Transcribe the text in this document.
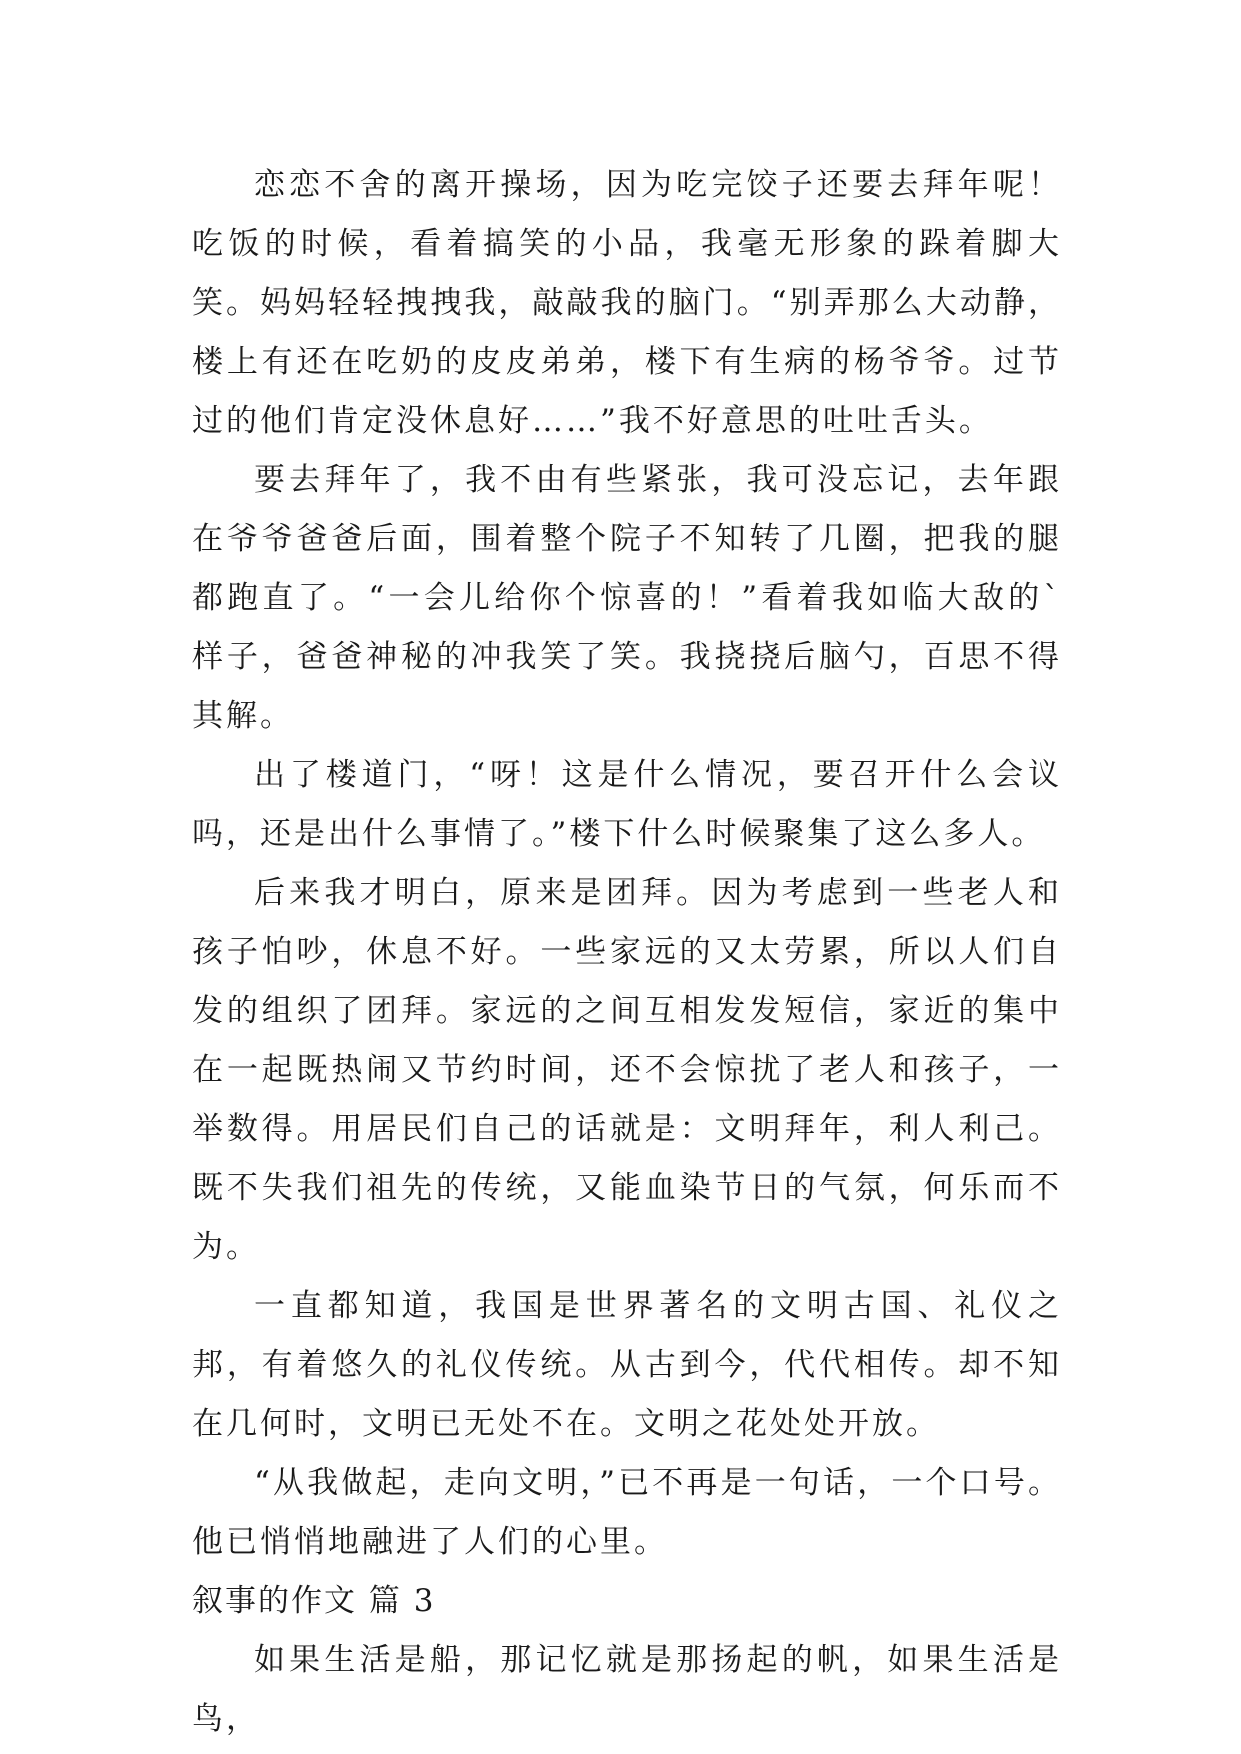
恋恋不舍的离开操场，因为吃完饺子还要去拜年呢！吃饭的时候，看着搞笑的小品，我毫无形象的跺着脚大笑。妈妈轻轻拽拽我，敲敲我的脑门。“别弄那么大动静，楼上有还在吃奶的皮皮弟弟，楼下有生病的杨爷爷。过节过的他们肯定没休息好……”我不好意思的吐吐舌头。

要去拜年了，我不由有些紧张，我可没忘记，去年跟在爷爷爸爸后面，围着整个院子不知转了几圈，把我的腿都跑直了。“一会儿给你个惊喜的！”看着我如临大敌的`样子，爸爸神秘的冲我笑了笑。我挠挠后脑勺，百思不得其解。

出了楼道门，“呀！这是什么情况，要召开什么会议吗，还是出什么事情了。”楼下什么时候聚集了这么多人。

后来我才明白，原来是团拜。因为考虑到一些老人和孩子怕吵，休息不好。一些家远的又太劳累，所以人们自发的组织了团拜。家远的之间互相发发短信，家近的集中在一起既热闹又节约时间，还不会惊扰了老人和孩子，一举数得。用居民们自己的话就是：文明拜年，利人利己。既不失我们祖先的传统，又能血染节日的气氛，何乐而不为。

一直都知道，我国是世界著名的文明古国、礼仪之邦，有着悠久的礼仪传统。从古到今，代代相传。却不知在几何时，文明已无处不在。文明之花处处开放。

“从我做起，走向文明，”已不再是一句话，一个口号。他已悄悄地融进了人们的心里。

叙事的作文 篇 3

如果生活是船，那记忆就是那扬起的帆，如果生活是鸟，
